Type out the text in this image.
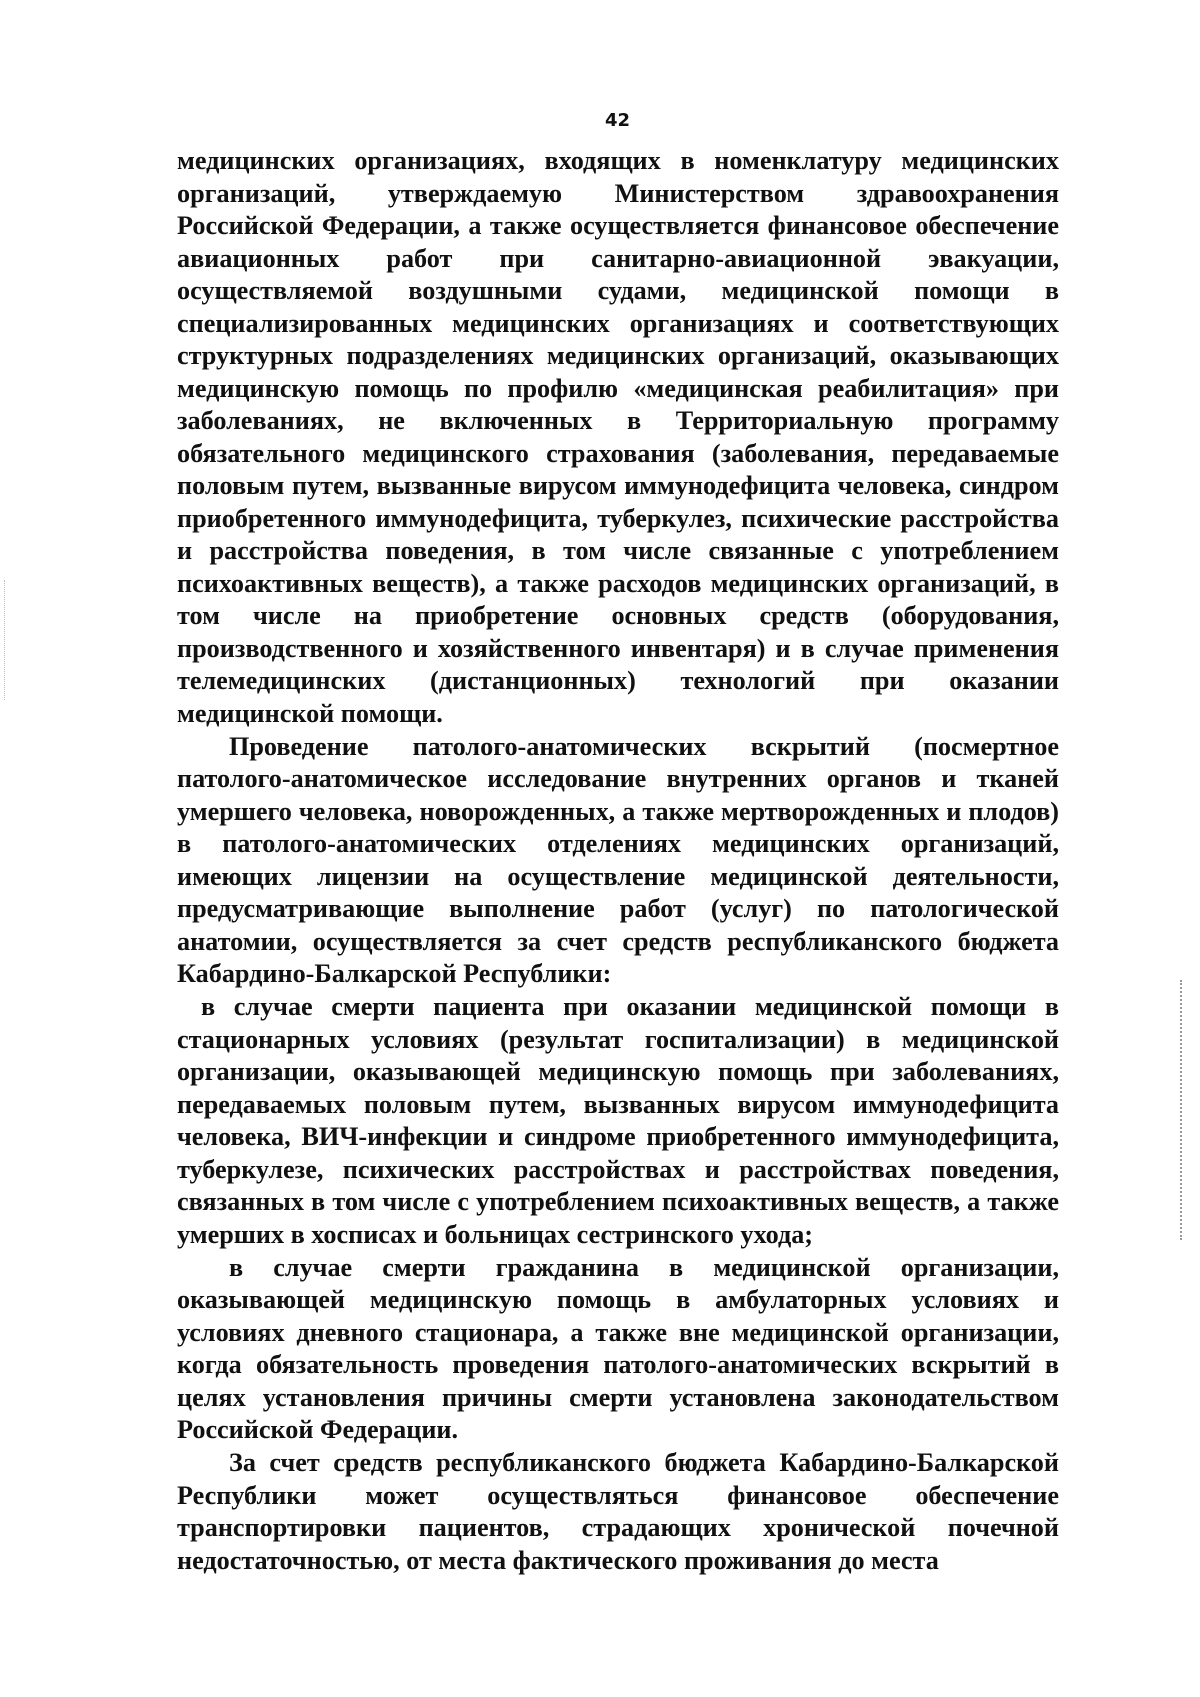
42

медицинских организациях, входящих в номенклатуру медицинских организаций, утверждаемую Министерством здравоохранения Российской Федерации, а также осуществляется финансовое обеспечение авиационных работ при санитарно-авиационной эвакуации, осуществляемой воздушными судами, медицинской помощи в специализированных медицинских организациях и соответствующих структурных подразделениях медицинских организаций, оказывающих медицинскую помощь по профилю «медицинская реабилитация» при заболеваниях, не включенных в Территориальную программу обязательного медицинского страхования (заболевания, передаваемые половым путем, вызванные вирусом иммунодефицита человека, синдром приобретенного иммунодефицита, туберкулез, психические расстройства и расстройства поведения, в том числе связанные с употреблением психоактивных веществ), а также расходов медицинских организаций, в том числе на приобретение основных средств (оборудования, производственного и хозяйственного инвентаря) и в случае применения телемедицинских (дистанционных) технологий при оказании медицинской помощи.

Проведение патолого-анатомических вскрытий (посмертное патолого-анатомическое исследование внутренних органов и тканей умершего человека, новорожденных, а также мертворожденных и плодов) в патолого-анатомических отделениях медицинских организаций, имеющих лицензии на осуществление медицинской деятельности, предусматривающие выполнение работ (услуг) по патологической анатомии, осуществляется за счет средств республиканского бюджета Кабардино-Балкарской Республики:

в случае смерти пациента при оказании медицинской помощи в стационарных условиях (результат госпитализации) в медицинской организации, оказывающей медицинскую помощь при заболеваниях, передаваемых половым путем, вызванных вирусом иммунодефицита человека, ВИЧ-инфекции и синдроме приобретенного иммунодефицита, туберкулезе, психических расстройствах и расстройствах поведения, связанных в том числе с употреблением психоактивных веществ, а также умерших в хосписах и больницах сестринского ухода;

в случае смерти гражданина в медицинской организации, оказывающей медицинскую помощь в амбулаторных условиях и условиях дневного стационара, а также вне медицинской организации, когда обязательность проведения патолого-анатомических вскрытий в целях установления причины смерти установлена законодательством Российской Федерации.

За счет средств республиканского бюджета Кабардино-Балкарской Республики может осуществляться финансовое обеспечение транспортировки пациентов, страдающих хронической почечной недостаточностью, от места фактического проживания до места
